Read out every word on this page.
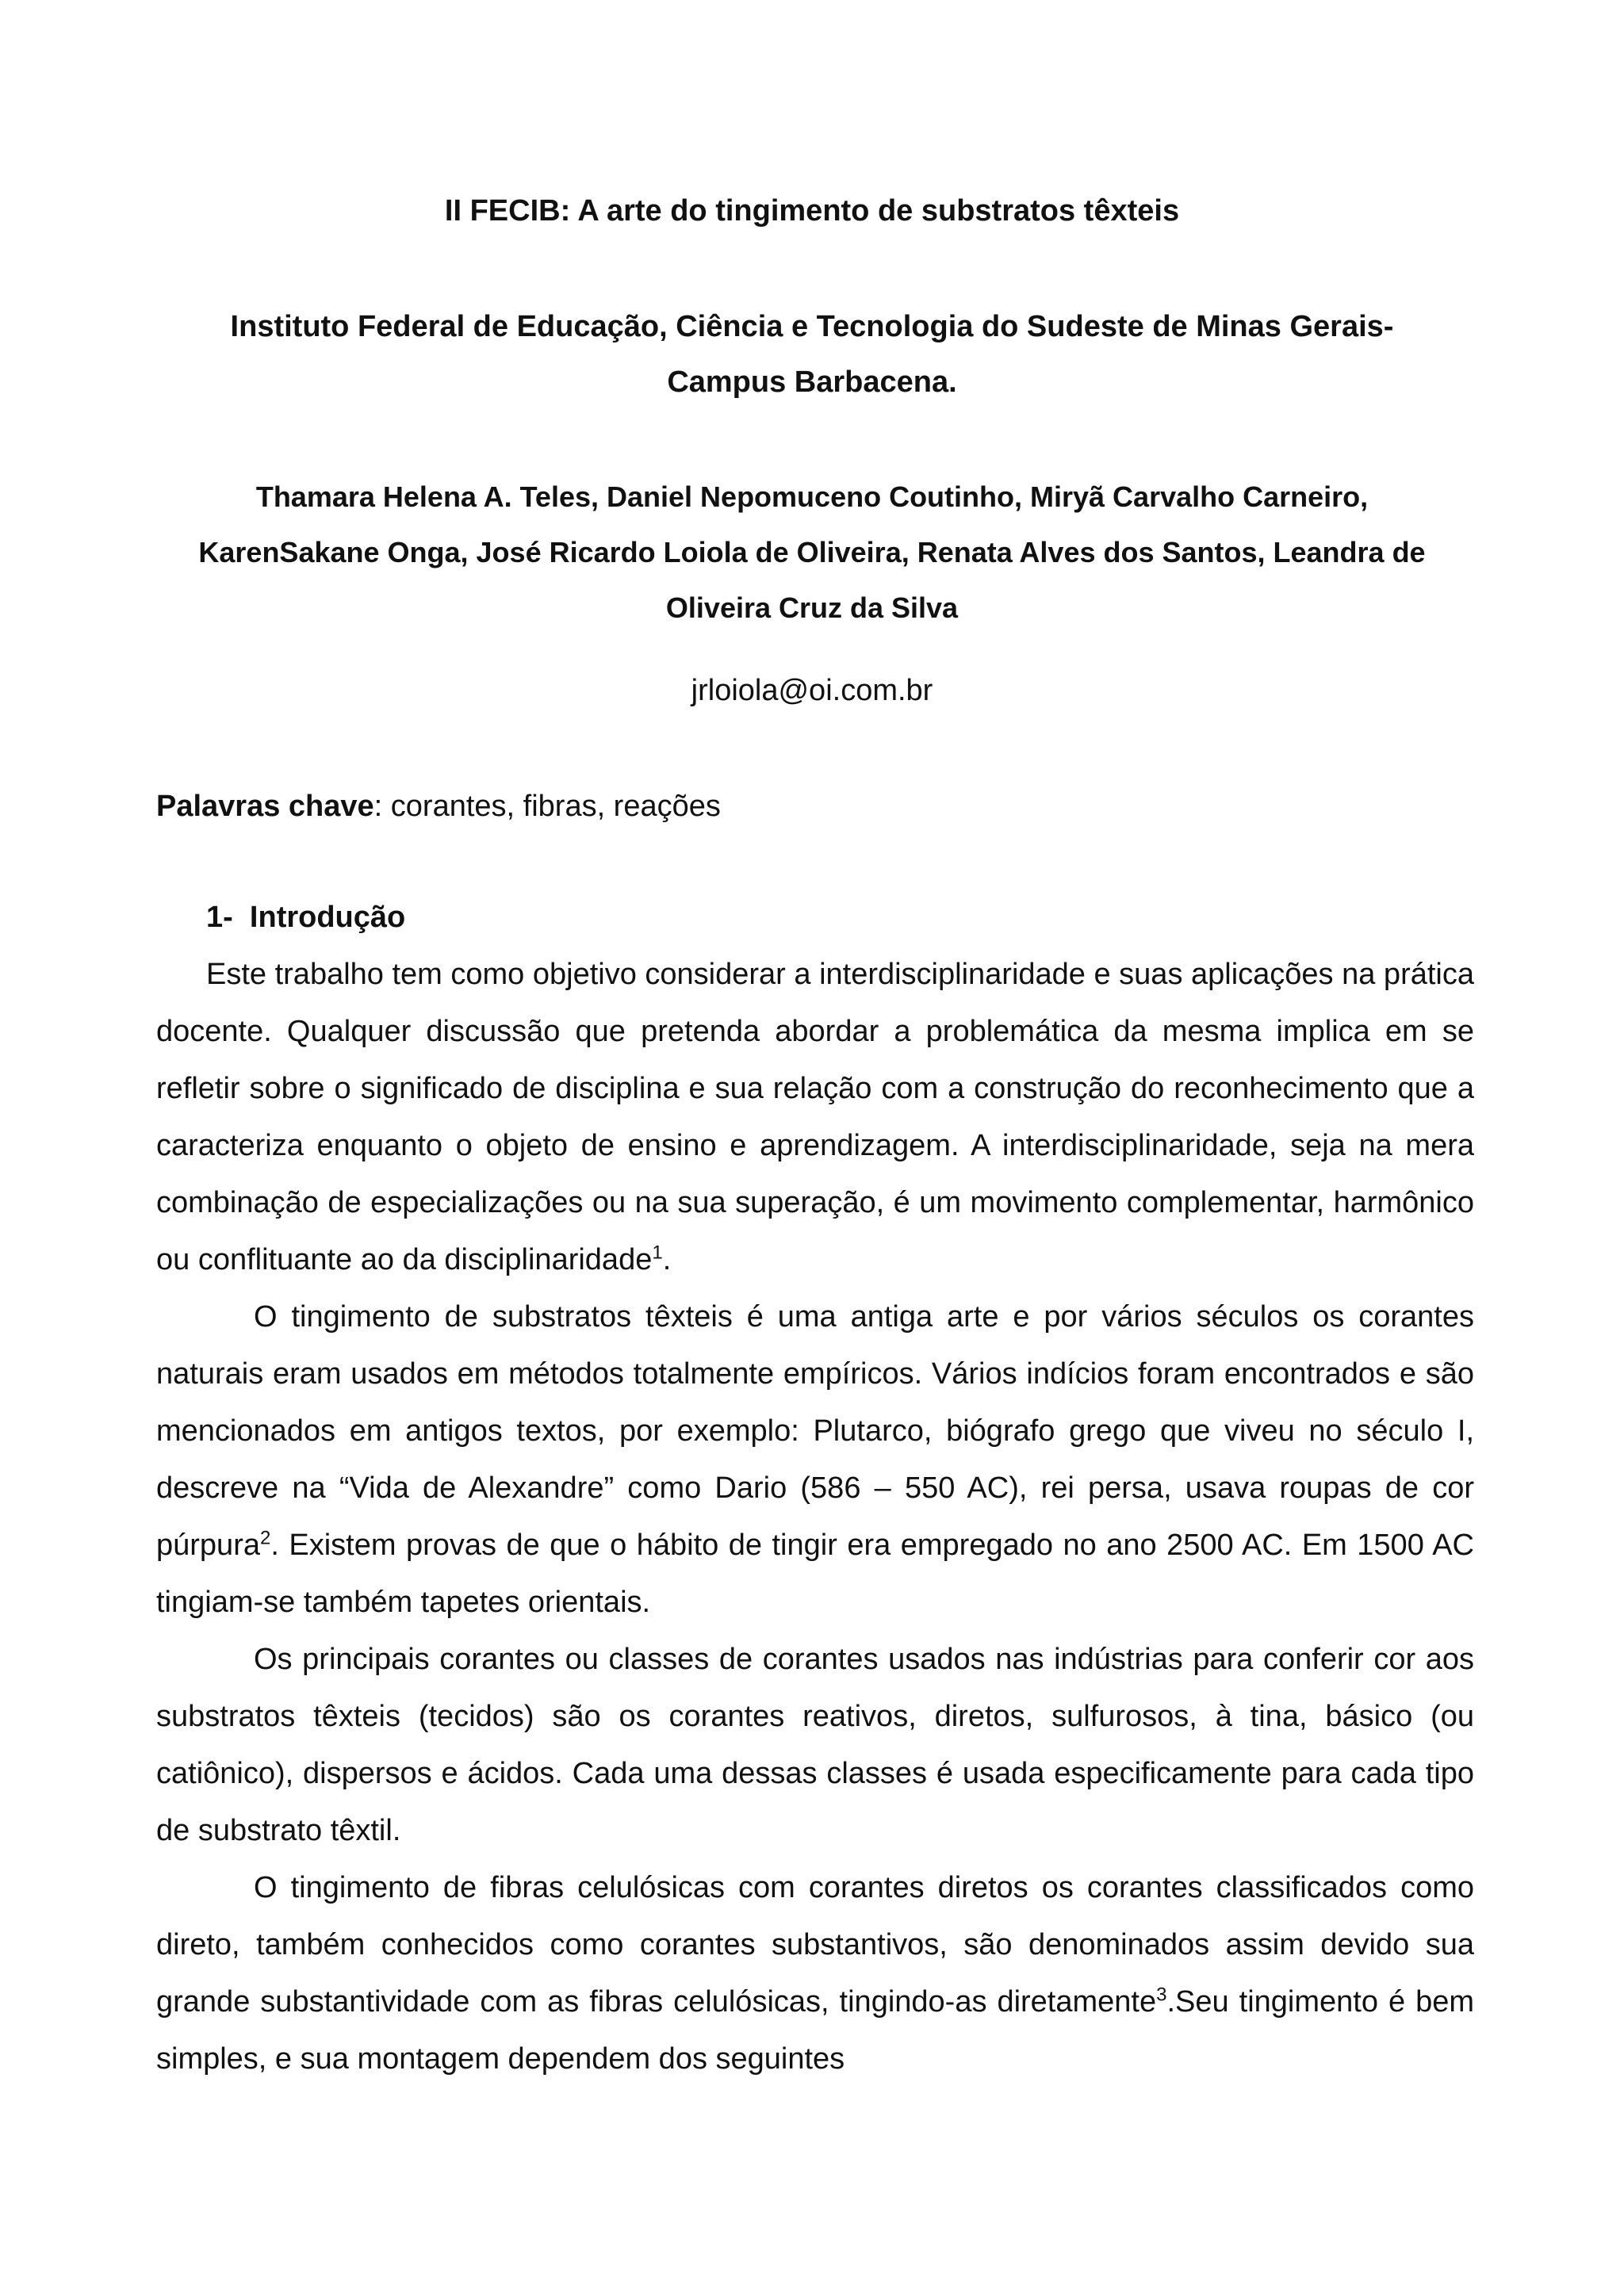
II FECIB: A arte do tingimento de substratos têxteis
Instituto Federal de Educação, Ciência e Tecnologia do Sudeste de Minas Gerais-
Campus Barbacena.
Thamara Helena A. Teles, Daniel Nepomuceno Coutinho, Miryã Carvalho Carneiro,
KarenSakane Onga, José Ricardo Loiola de Oliveira, Renata Alves dos Santos, Leandra de
Oliveira Cruz da Silva
jrloiola@oi.com.br

Palavras chave: corantes, fibras, reações

1- Introdução

Este trabalho tem como objetivo considerar a interdisciplinaridade e suas aplicações na prática docente. Qualquer discussão que pretenda abordar a problemática da mesma implica em se refletir sobre o significado de disciplina e sua relação com a construção do reconhecimento que a caracteriza enquanto o objeto de ensino e aprendizagem. A interdisciplinaridade, seja na mera combinação de especializações ou na sua superação, é um movimento complementar, harmônico ou conflituante ao da disciplinaridade$^1$.

O tingimento de substratos têxteis é uma antiga arte e por vários séculos os corantes naturais eram usados em métodos totalmente empíricos. Vários indícios foram encontrados e são mencionados em antigos textos, por exemplo: Plutarco, biógrafo grego que viveu no século I, descreve na “Vida de Alexandre” como Dario (586 – 550 AC), rei persa, usava roupas de cor púrpura$^2$. Existem provas de que o hábito de tingir era empregado no ano 2500 AC. Em 1500 AC tingiam-se também tapetes orientais.

Os principais corantes ou classes de corantes usados nas indústrias para conferir cor aos substratos têxteis (tecidos) são os corantes reativos, diretos, sulfurosos, à tina, básico (ou catiônico), dispersos e ácidos. Cada uma dessas classes é usada especificamente para cada tipo de substrato têxtil.

O tingimento de fibras celulósicas com corantes diretos os corantes classificados como direto, também conhecidos como corantes substantivos, são denominados assim devido sua grande substantividade com as fibras celulósicas, tingindo-as diretamente$^3$.Seu tingimento é bem simples, e sua montagem dependem dos seguintes
